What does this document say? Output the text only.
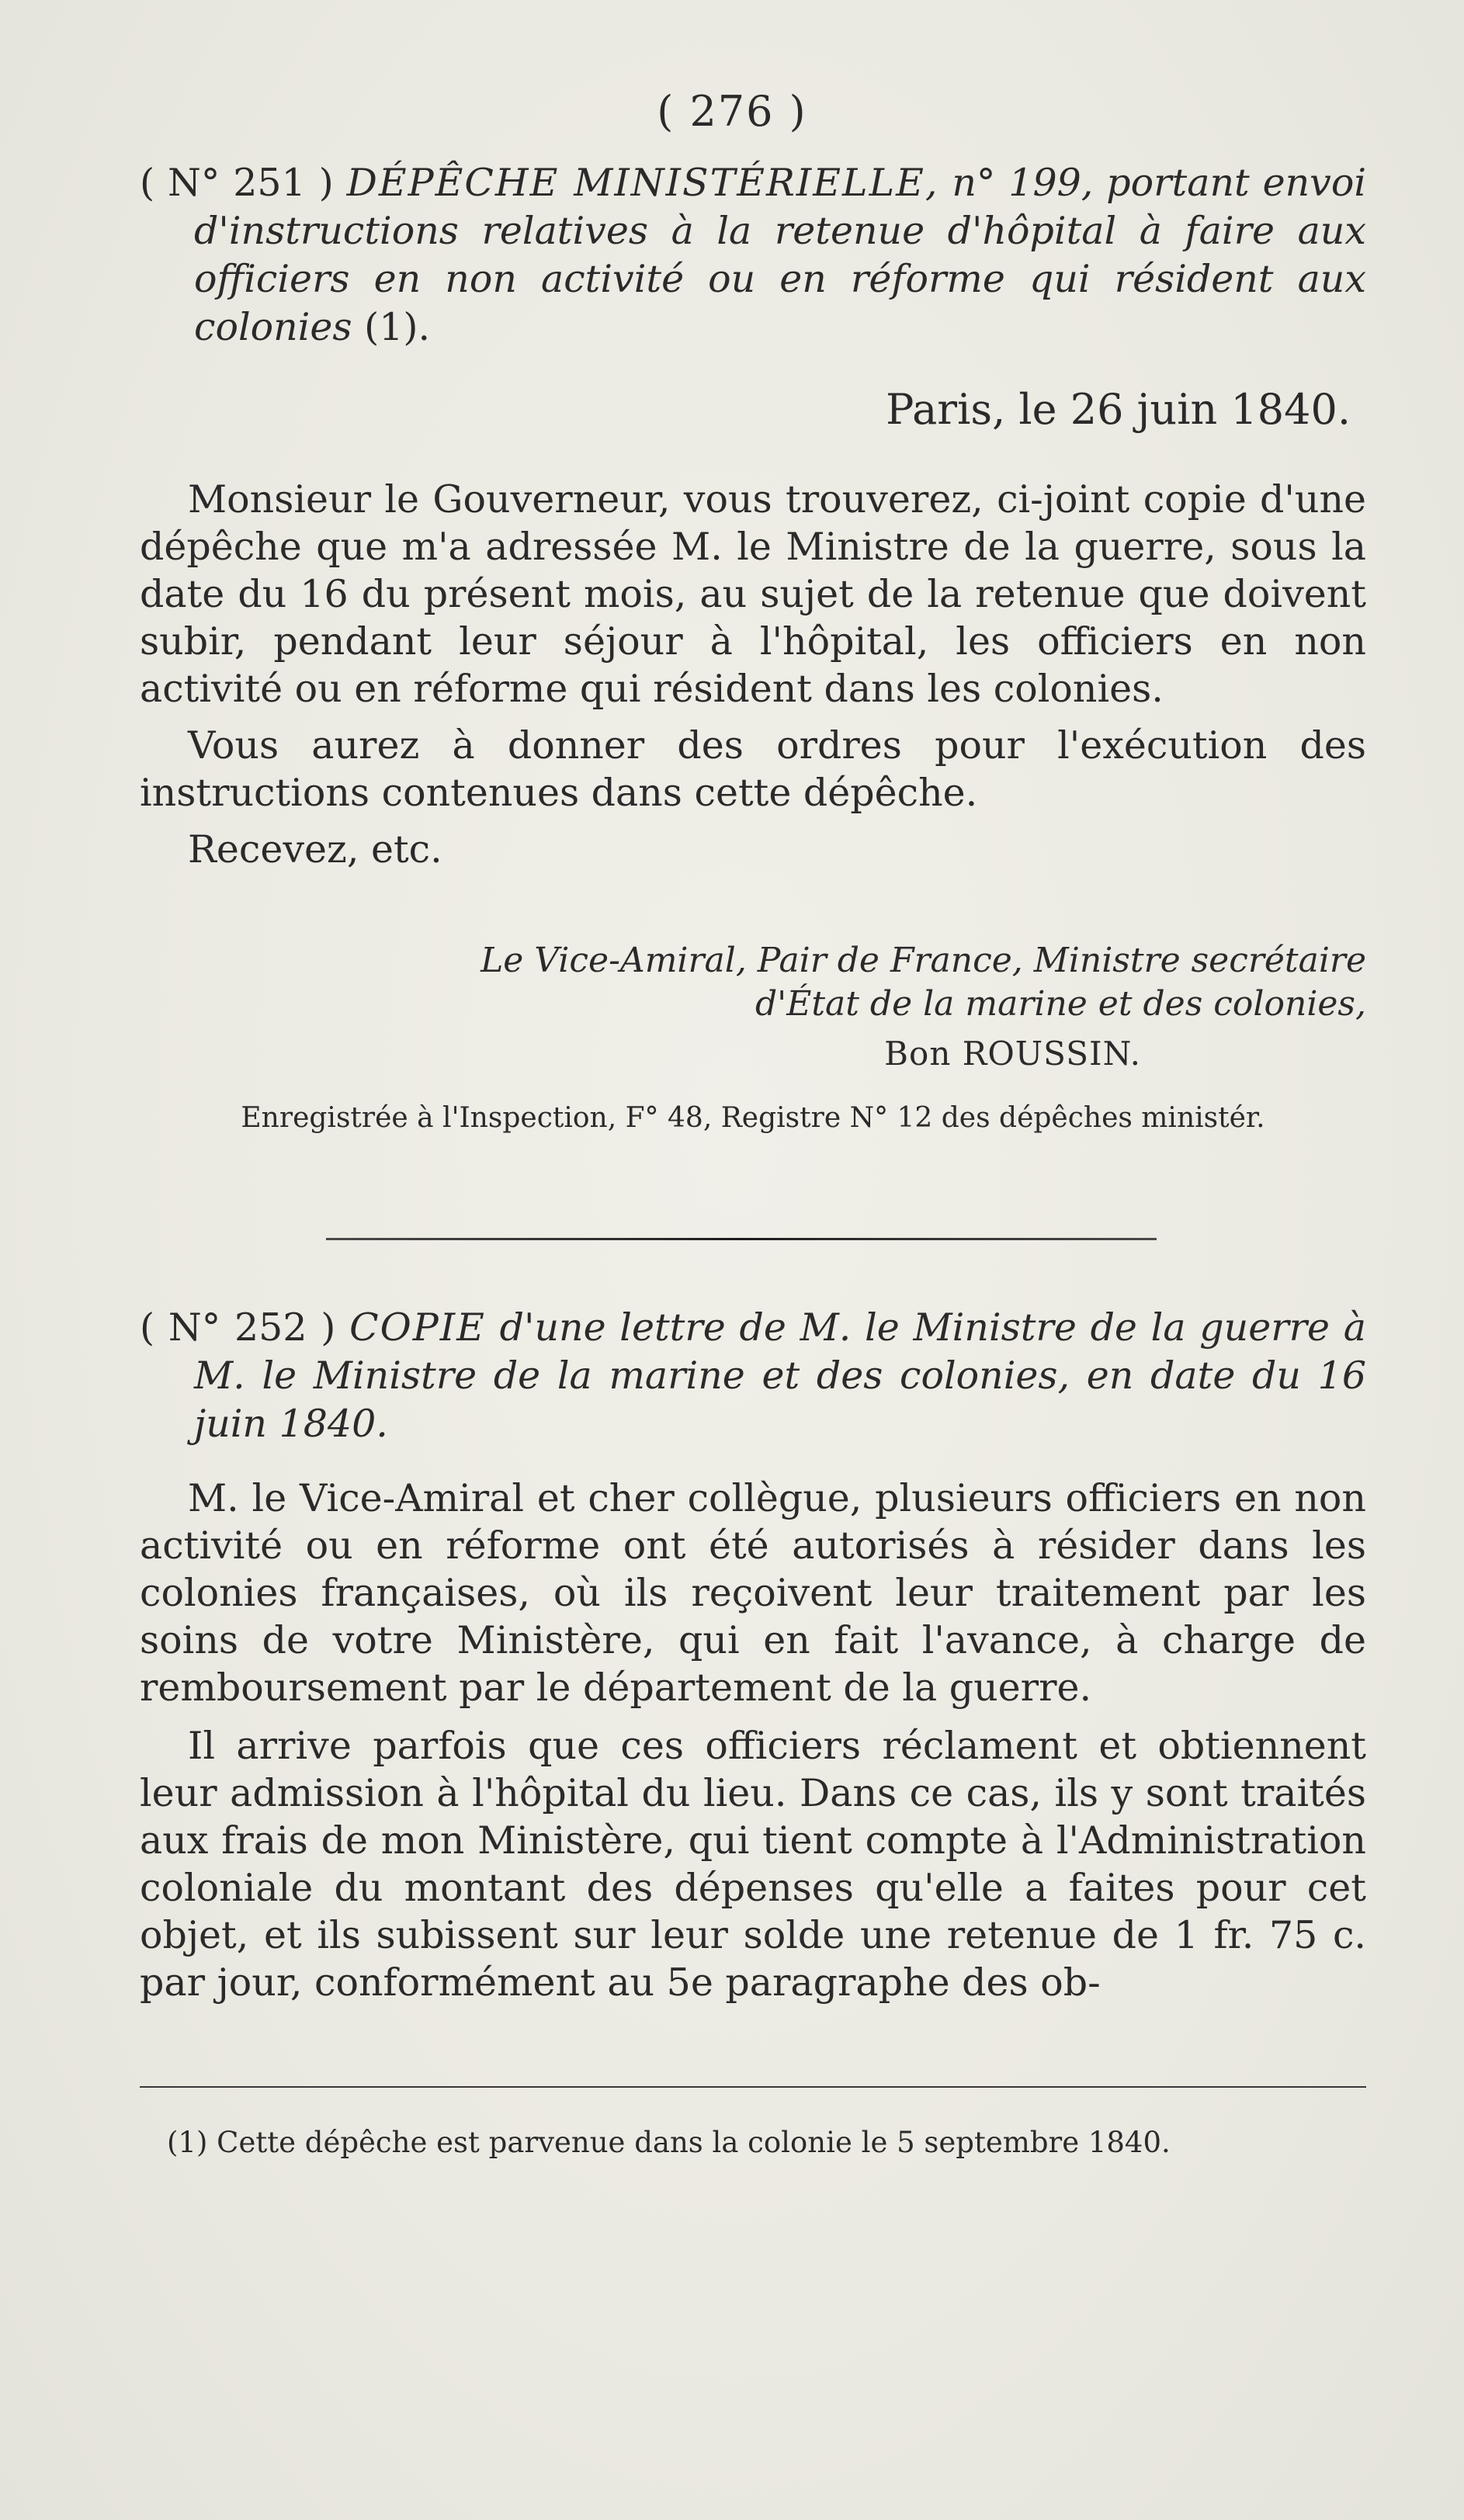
( 276 )

( N° 251 ) DÉPÊCHE MINISTÉRIELLE, n° 199, portant envoi d'instructions relatives à la retenue d'hôpital à faire aux officiers en non activité ou en réforme qui résident aux colonies (1).

Paris, le 26 juin 1840.

Monsieur le Gouverneur, vous trouverez, ci-joint copie d'une dépêche que m'a adressée M. le Ministre de la guerre, sous la date du 16 du présent mois, au sujet de la retenue que doivent subir, pendant leur séjour à l'hôpital, les officiers en non activité ou en réforme qui résident dans les colonies.

Vous aurez à donner des ordres pour l'exécution des instructions contenues dans cette dépêche.

Recevez, etc.

Le Vice-Amiral, Pair de France, Ministre secrétaire

d'État de la marine et des colonies,

Bon ROUSSIN.

Enregistrée à l'Inspection, F° 48, Registre N° 12 des dépêches ministér.

( N° 252 ) COPIE d'une lettre de M. le Ministre de la guerre à M. le Ministre de la marine et des colonies, en date du 16 juin 1840.

M. le Vice-Amiral et cher collègue, plusieurs officiers en non activité ou en réforme ont été autorisés à résider dans les colonies françaises, où ils reçoivent leur traitement par les soins de votre Ministère, qui en fait l'avance, à charge de remboursement par le département de la guerre.

Il arrive parfois que ces officiers réclament et obtiennent leur admission à l'hôpital du lieu. Dans ce cas, ils y sont traités aux frais de mon Ministère, qui tient compte à l'Administration coloniale du montant des dépenses qu'elle a faites pour cet objet, et ils subissent sur leur solde une retenue de 1 fr. 75 c. par jour, conformément au 5e paragraphe des ob-

(1) Cette dépêche est parvenue dans la colonie le 5 septembre 1840.
